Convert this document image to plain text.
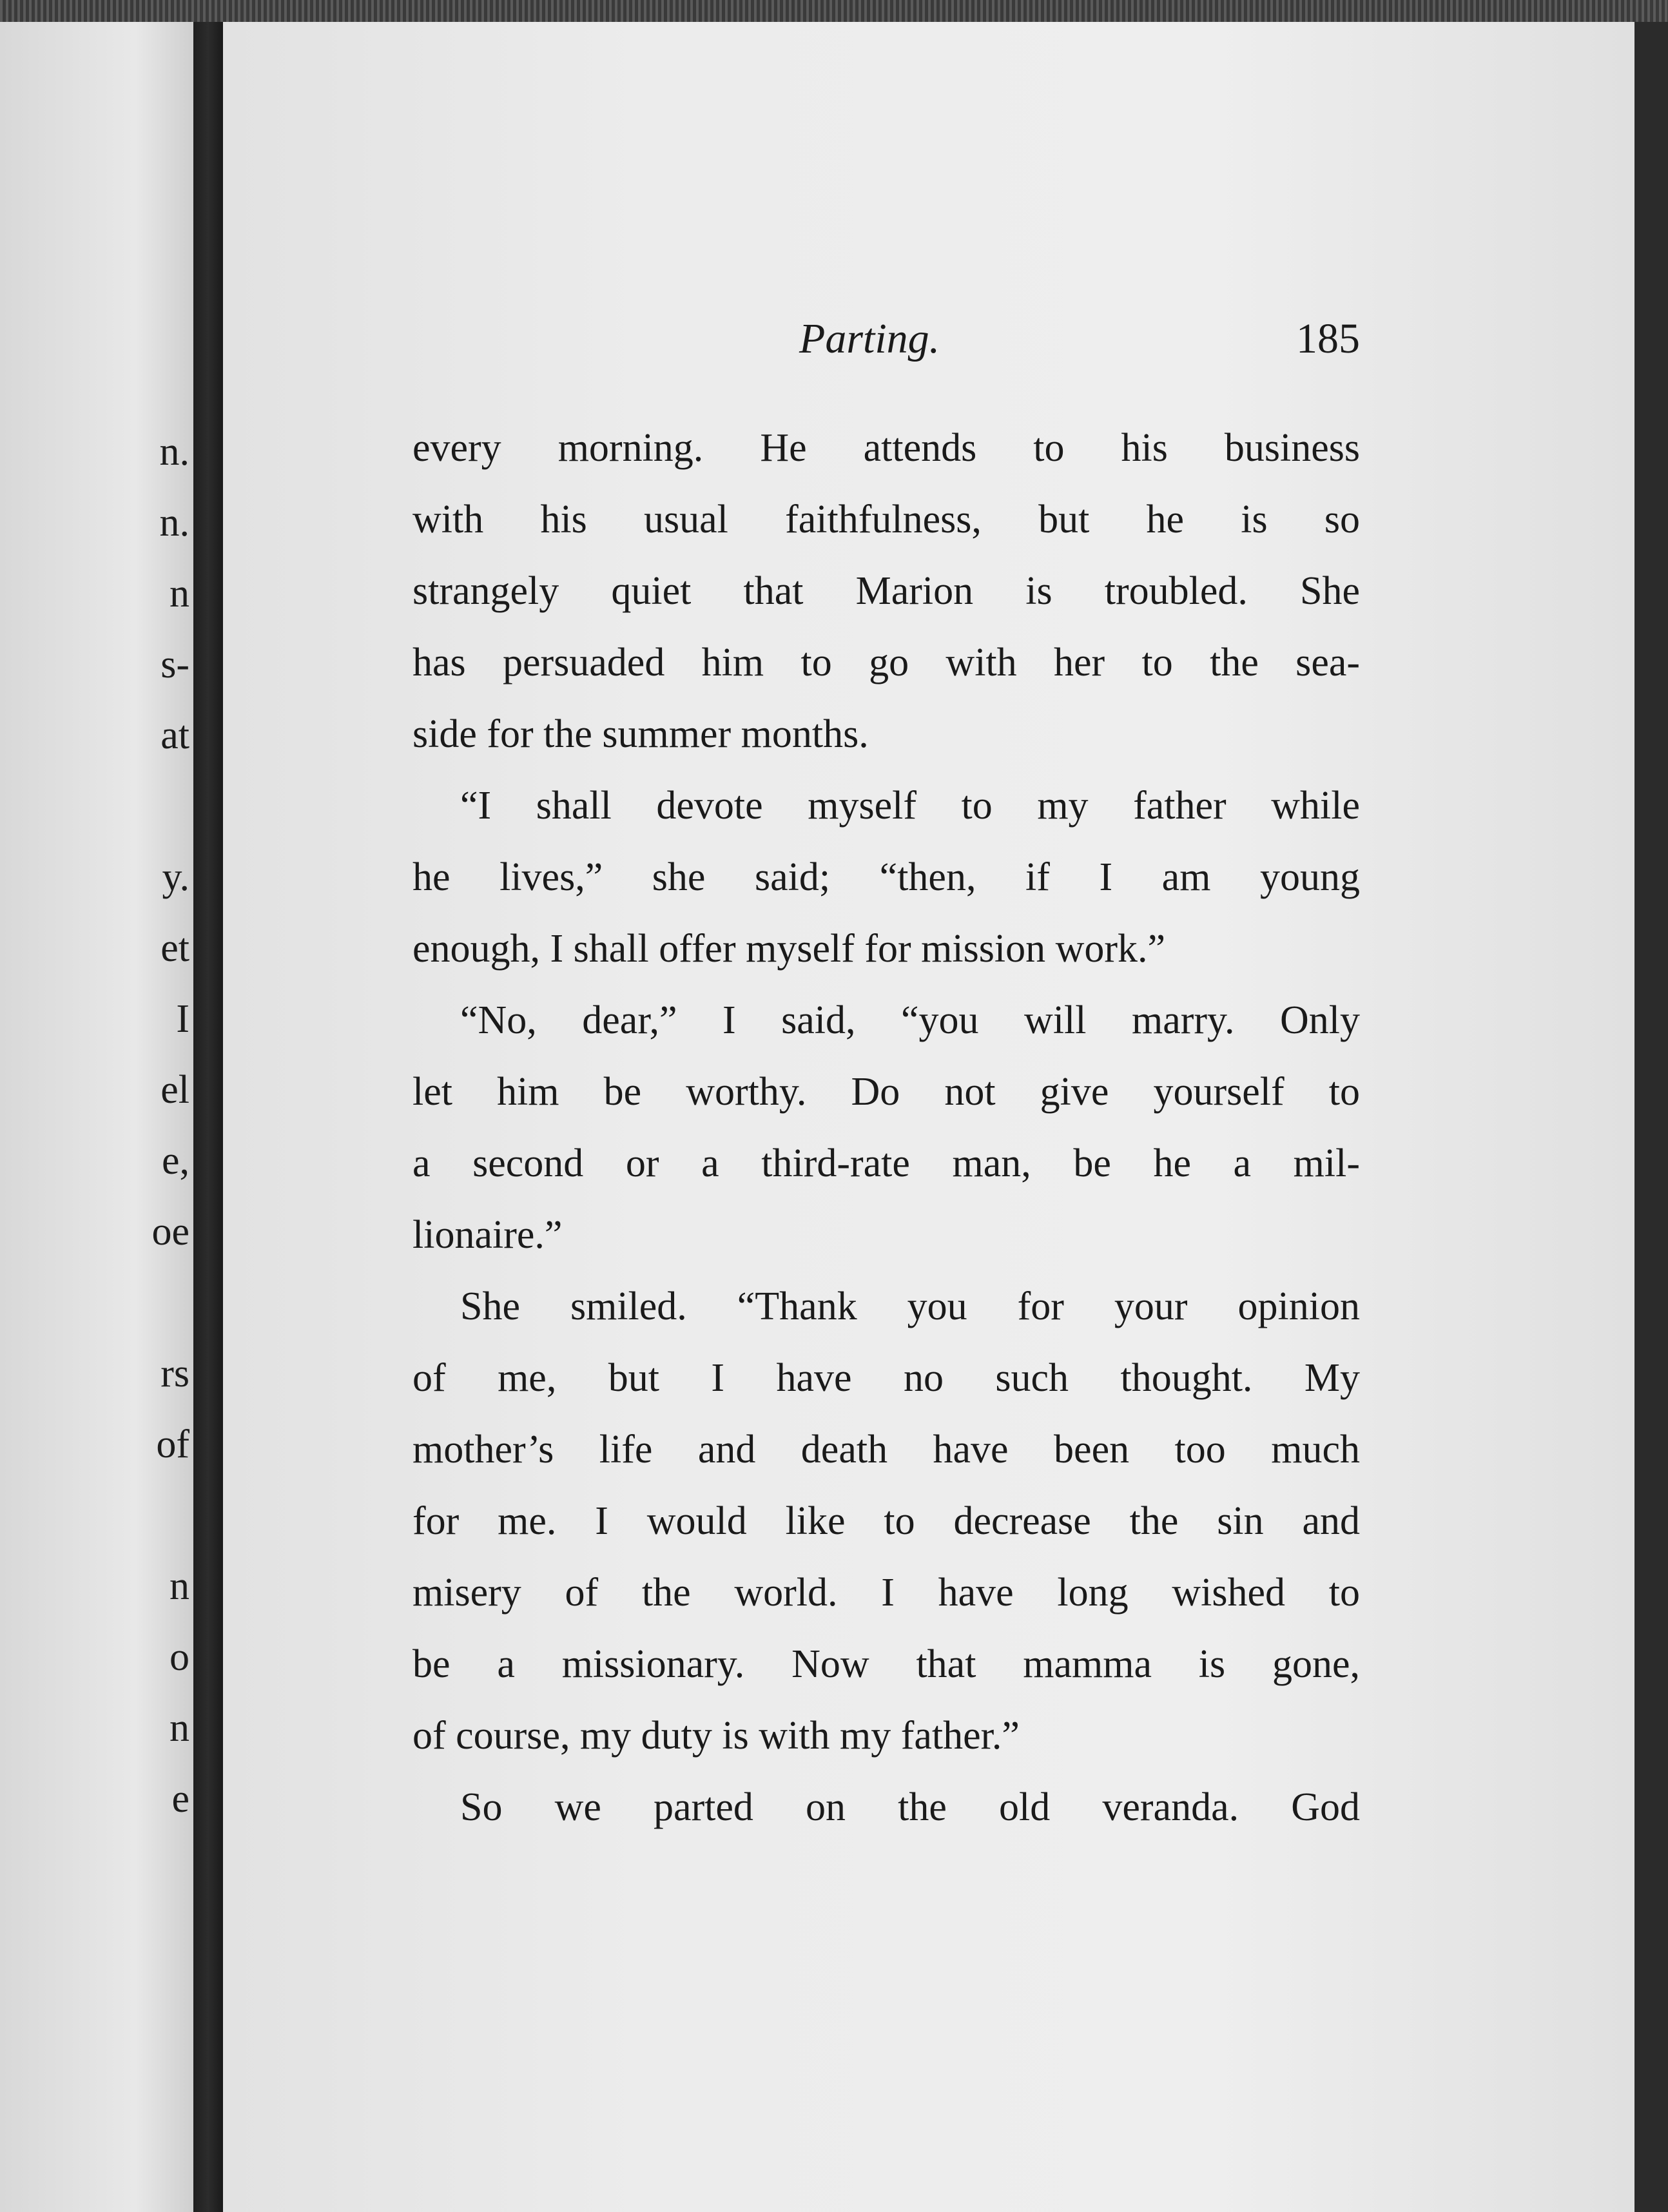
n.

n.

n

s-

at

y.

et

I

el

e,

oe

rs

of

n

o

n

e

Parting.	185
every morning. He attends to his business
with his usual faithfulness, but he is so
strangely quiet that Marion is troubled. She
has persuaded him to go with her to the sea-
side for the summer months.
“I shall devote myself to my father while
he lives,” she said; “then, if I am young
enough, I shall offer myself for mission work.”
“No, dear,” I said, “you will marry. Only
let him be worthy. Do not give yourself to
a second or a third-rate man, be he a mil-
lionaire.”
She smiled. “Thank you for your opinion
of me, but I have no such thought. My
mother’s life and death have been too much
for me. I would like to decrease the sin and
misery of the world. I have long wished to
be a missionary. Now that mamma is gone,
of course, my duty is with my father.”
So we parted on the old veranda. God
